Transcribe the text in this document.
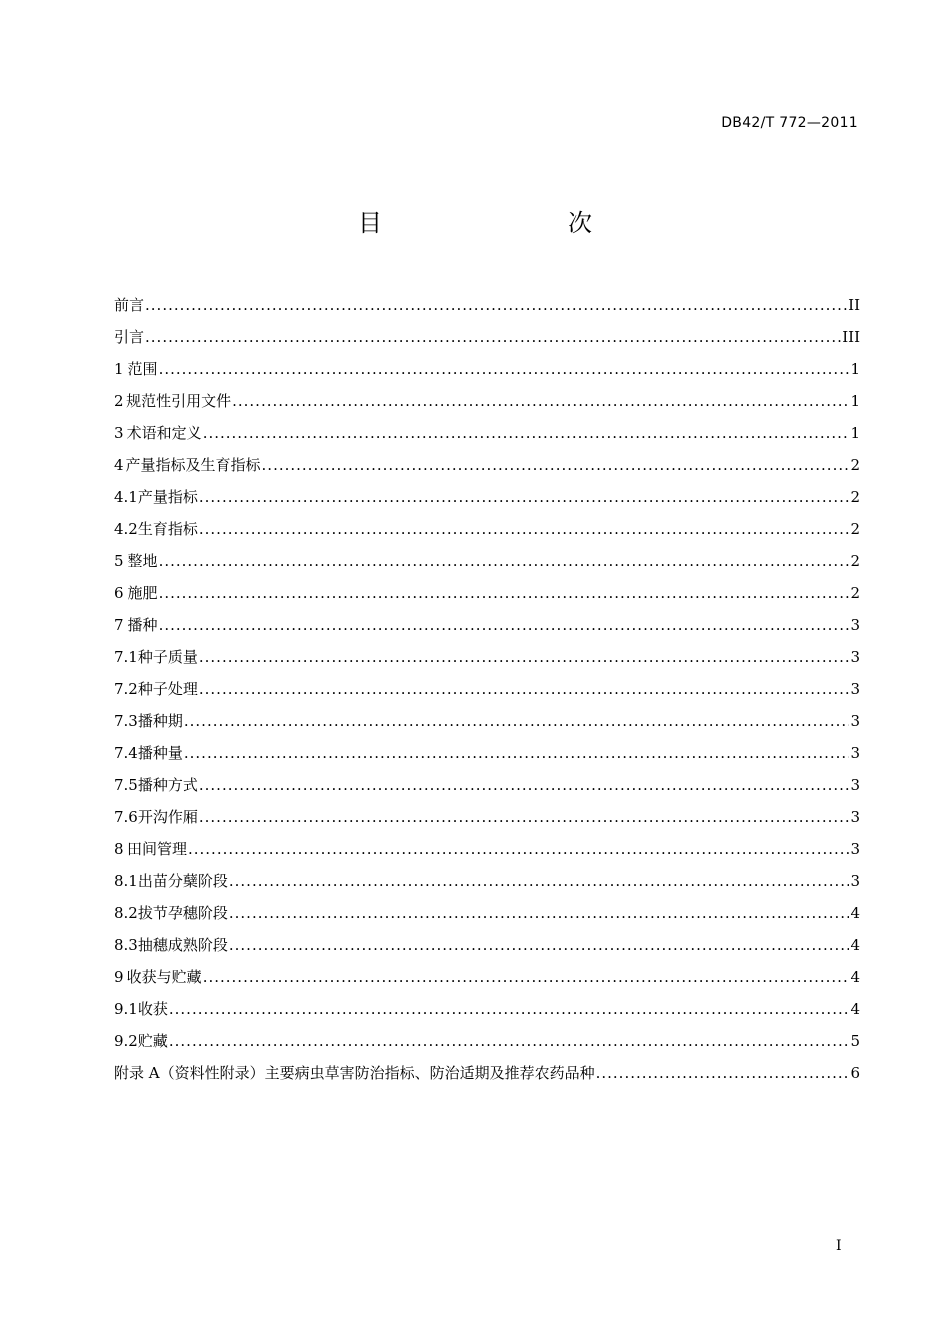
DB42/T 772—2011
目　　次
前言 .....	II
引言 .....	III
1 范围 .....	1
2 规范性引用文件 .....	1
3 术语和定义 .....	1
4 产量指标及生育指标 .....	2
4.1 产量指标 .....	2
4.2 生育指标 .....	2
5 整地 .....	2
6 施肥 .....	2
7 播种 .....	3
7.1 种子质量 .....	3
7.2 种子处理 .....	3
7.3 播种期 .....	3
7.4 播种量 .....	3
7.5 播种方式 .....	3
7.6 开沟作厢 .....	3
8 田间管理 .....	3
8.1 出苗分蘖阶段 .....	3
8.2 拔节孕穗阶段 .....	4
8.3 抽穗成熟阶段 .....	4
9 收获与贮藏 .....	4
9.1 收获 .....	4
9.2 贮藏 .....	5
附录 A（资料性附录）主要病虫草害防治指标、防治适期及推荐农药品种 .....	6
I
